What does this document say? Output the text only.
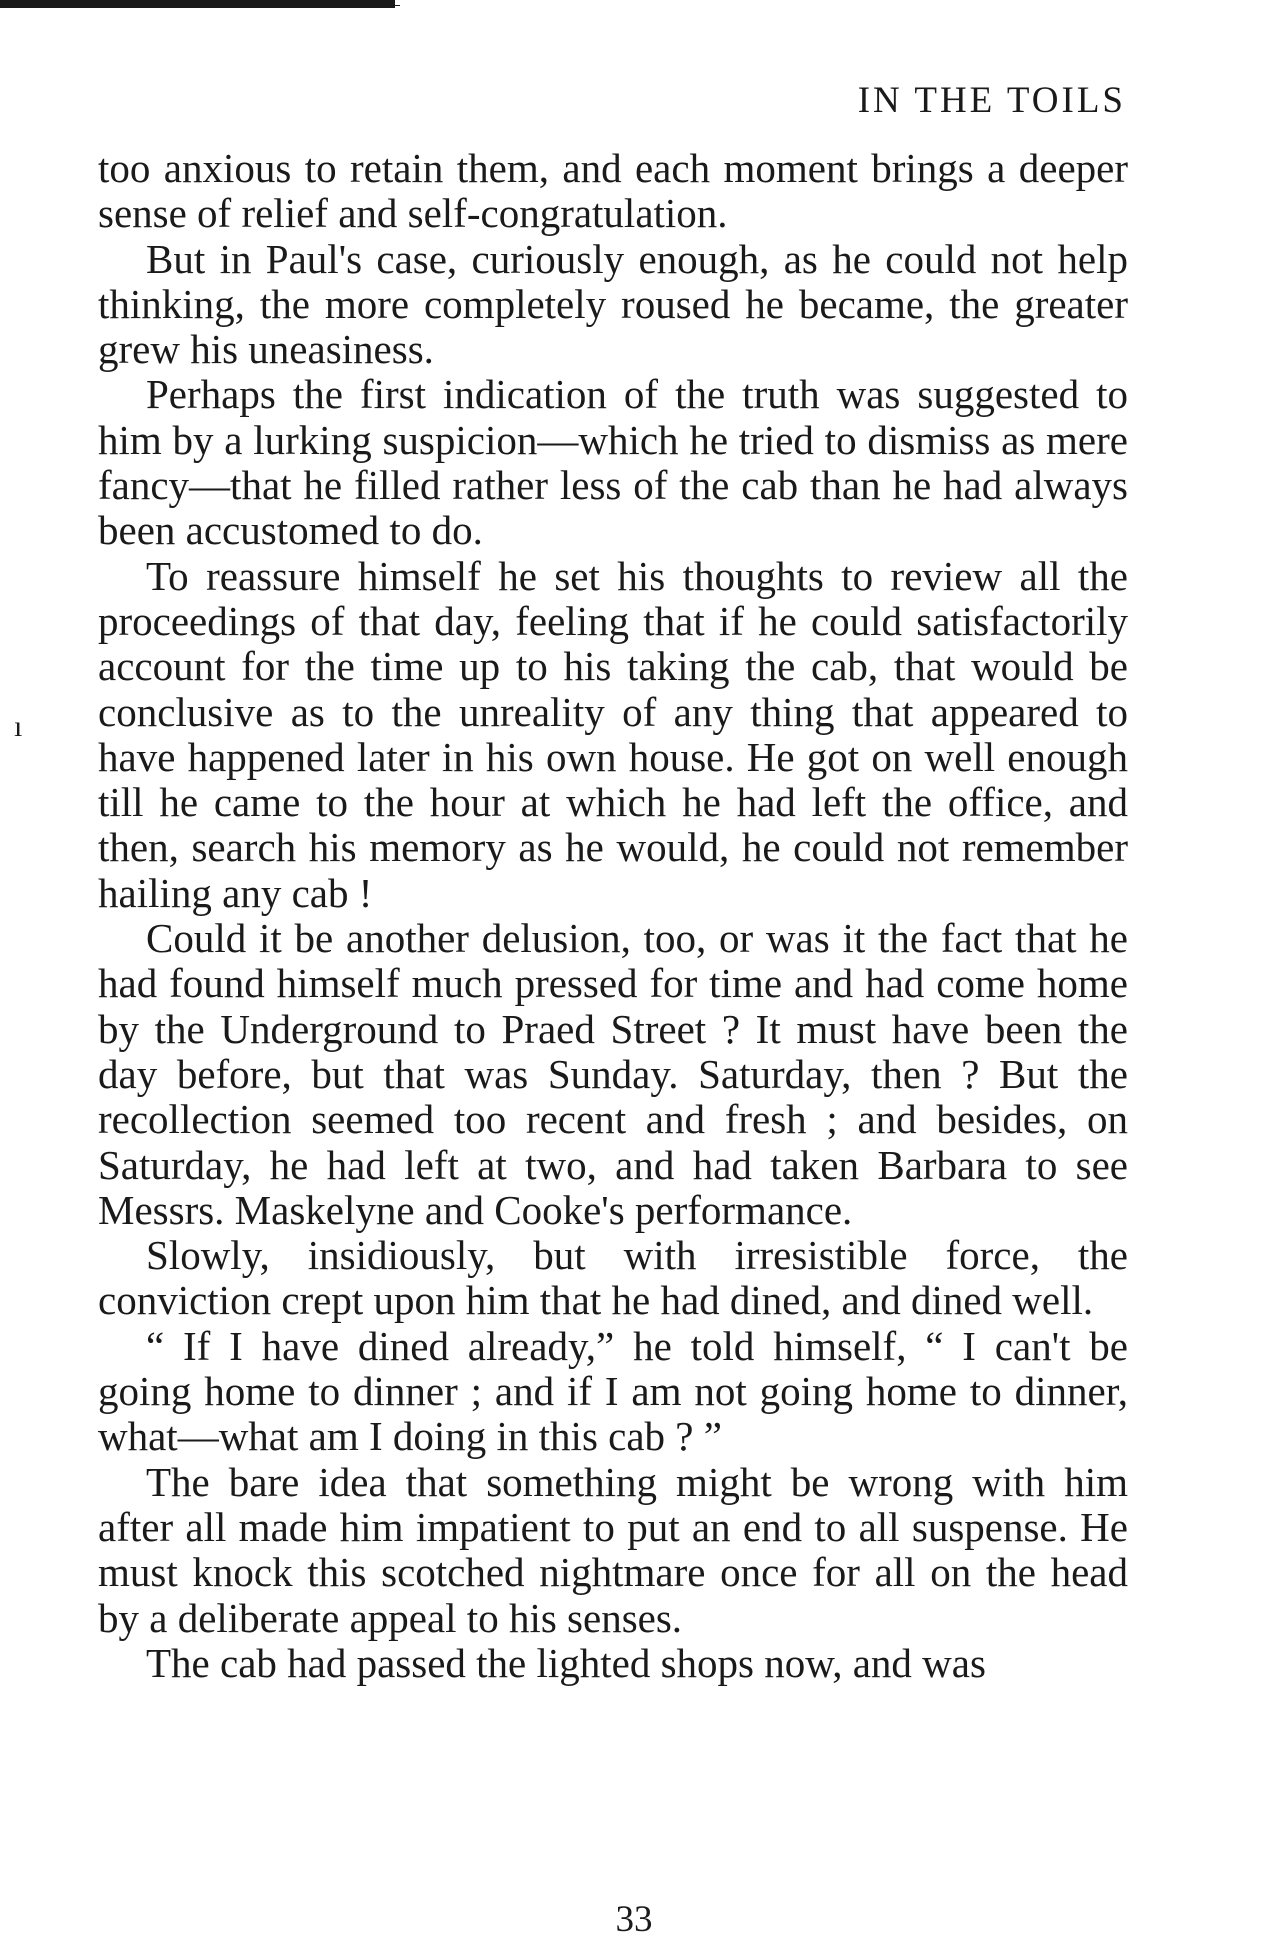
IN THE TOILS
ı

too anxious to retain them, and each moment brings a deeper sense of relief and self-congratulation.

But in Paul's case, curiously enough, as he could not help thinking, the more completely roused he became, the greater grew his uneasiness.

Perhaps the first indication of the truth was suggested to him by a lurking suspicion—which he tried to dismiss as mere fancy—that he filled rather less of the cab than he had always been accustomed to do.

To reassure himself he set his thoughts to review all the proceedings of that day, feeling that if he could satisfactorily account for the time up to his taking the cab, that would be conclusive as to the unreality of any thing that appeared to have happened later in his own house. He got on well enough till he came to the hour at which he had left the office, and then, search his memory as he would, he could not remember hailing any cab !

Could it be another delusion, too, or was it the fact that he had found himself much pressed for time and had come home by the Underground to Praed Street ? It must have been the day before, but that was Sunday. Saturday, then ? But the recollection seemed too recent and fresh ; and besides, on Saturday, he had left at two, and had taken Barbara to see Messrs. Maskelyne and Cooke's performance.

Slowly, insidiously, but with irresistible force, the conviction crept upon him that he had dined, and dined well.

“ If I have dined already,” he told himself, “ I can't be going home to dinner ; and if I am not going home to dinner, what—what am I doing in this cab ? ”

The bare idea that something might be wrong with him after all made him impatient to put an end to all suspense. He must knock this scotched nightmare once for all on the head by a deliberate appeal to his senses.

The cab had passed the lighted shops now, and was

33
